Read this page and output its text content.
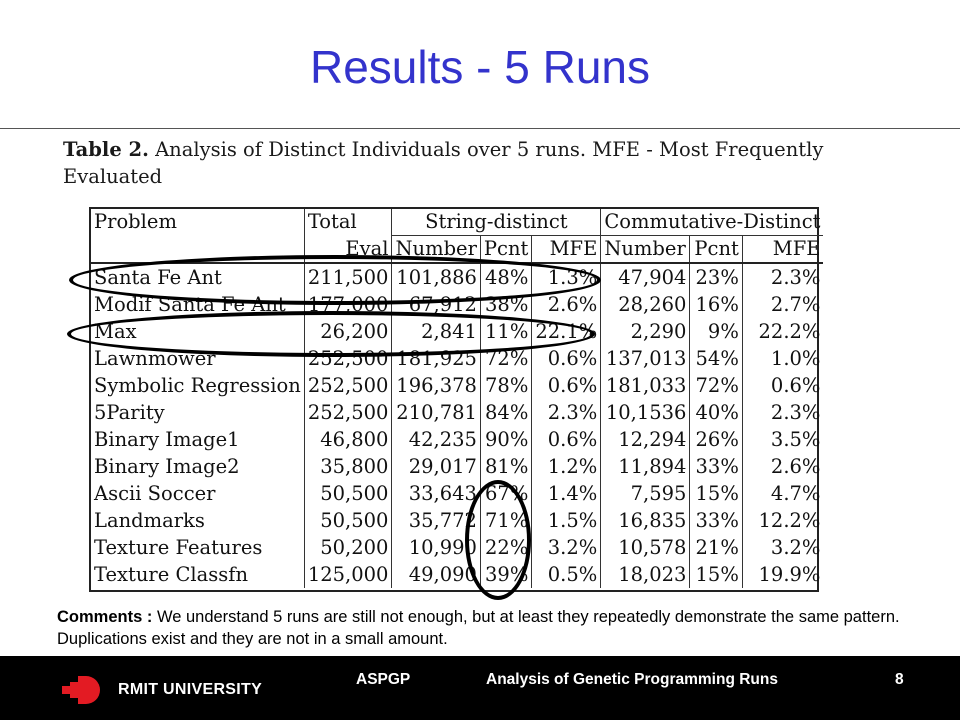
Results - 5 Runs
Table 2. Analysis of Distinct Individuals over 5 runs. MFE - Most Frequently Evaluated
Problem	Total	String-distinct			Commutative-Distinct		
	Eval	Number	Pcnt	MFE	Number	Pcnt	MFE
Santa Fe Ant	211,500	101,886	48%	1.3%	47,904	23%	2.3%
Modif Santa Fe Ant	177,000	67,912	38%	2.6%	28,260	16%	2.7%
Max	26,200	2,841	11%	22.1%	2,290	9%	22.2%
Lawnmower	252,500	181,925	72%	0.6%	137,013	54%	1.0%
Symbolic Regression	252,500	196,378	78%	0.6%	181,033	72%	0.6%
5Parity	252,500	210,781	84%	2.3%	10,1536	40%	2.3%
Binary Image1	46,800	42,235	90%	0.6%	12,294	26%	3.5%
Binary Image2	35,800	29,017	81%	1.2%	11,894	33%	2.6%
Ascii Soccer	50,500	33,643	67%	1.4%	7,595	15%	4.7%
Landmarks	50,500	35,772	71%	1.5%	16,835	33%	12.2%
Texture Features	50,200	10,990	22%	3.2%	10,578	21%	3.2%
Texture Classfn	125,000	49,090	39%	0.5%	18,023	15%	19.9%
Comments : We understand 5 runs are still not enough, but at least they repeatedly demonstrate the same pattern. Duplications exist and they are not in a small amount.
RMIT UNIVERSITY
ASPGP	Analysis of Genetic Programming Runs	8
